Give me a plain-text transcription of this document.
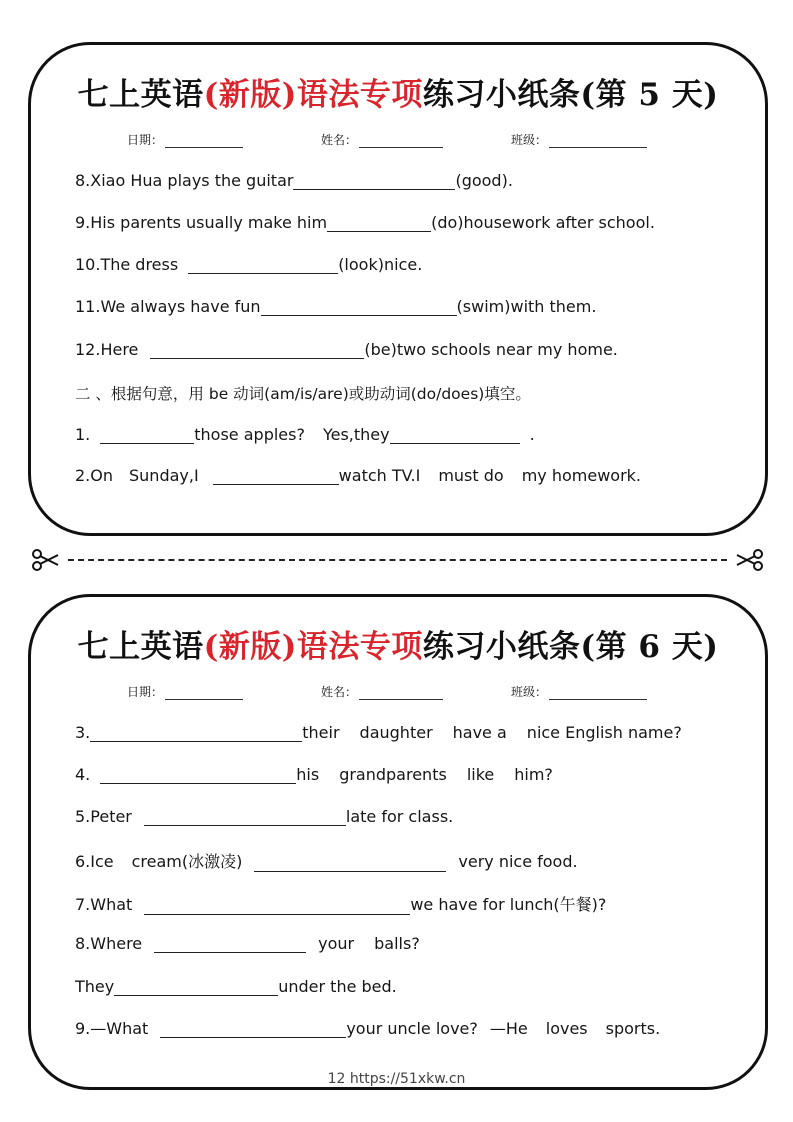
七上英语(新版)语法专项练习小纸条(第 5 天)
日期：	姓名：	班级：
8.Xiao Hua plays the guitar	(good).
9.His parents usually make him	(do)housework after school.
10.The dress	(look)nice.
11.We always have fun	(swim)with them.
12.Here	(be)two schools near my home.
二 、根据句意，用 be 动词(am/is/are)或助动词(do/does)填空。
1.	those apples? Yes,they	.
2.On Sunday,I	watch TV.I must do my homework.
七上英语(新版)语法专项练习小纸条(第 6 天)
日期：	姓名：	班级：
3.	their daughter have a nice English name?
4.	his grandparents like him?
5.Peter	late for class.
6.Ice cream(冰激凌)	very nice food.
7.What	we have for lunch(午餐)?
8.Where	your balls?
They	under the bed.
9.—What	your uncle love? —He loves sports.
12 https://51xkw.cn
